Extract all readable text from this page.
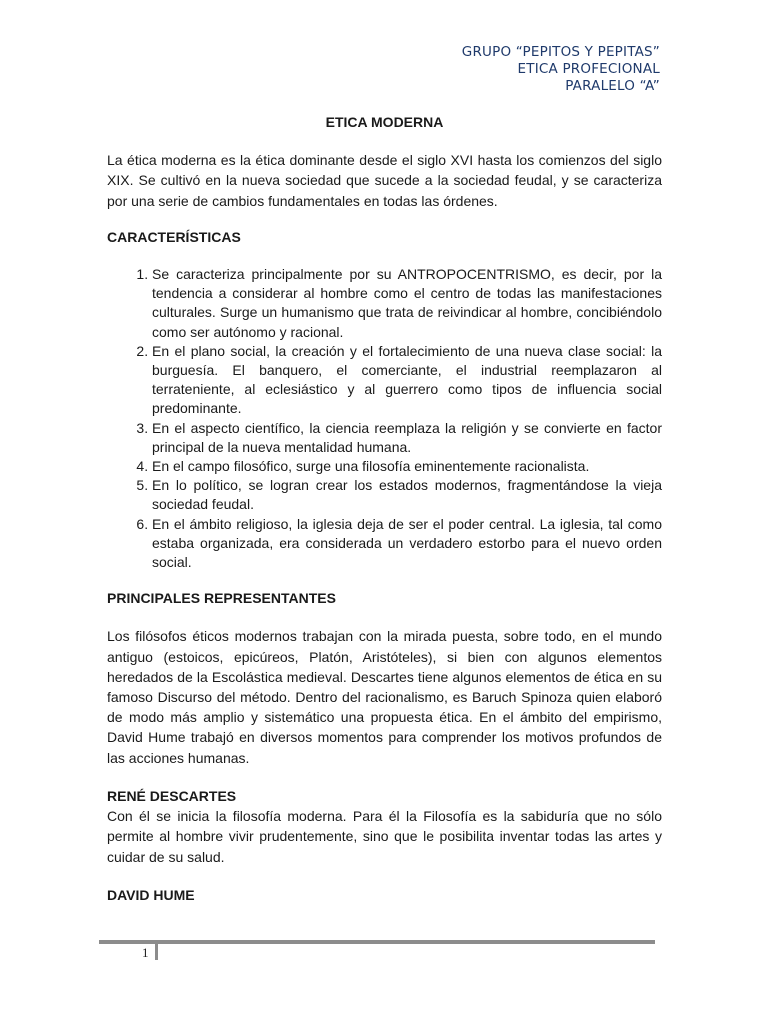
GRUPO “PEPITOS Y PEPITAS”
ETICA PROFECIONAL
PARALELO “A”
ETICA MODERNA

La ética moderna es la ética dominante desde el siglo XVI hasta los comienzos del siglo XIX. Se cultivó en la nueva sociedad que sucede a la sociedad feudal, y se caracteriza por una serie de cambios fundamentales en todas las órdenes.

CARACTERÍSTICAS
1. Se caracteriza principalmente por su ANTROPOCENTRISMO, es decir, por la tendencia a considerar al hombre como el centro de todas las manifestaciones culturales. Surge un humanismo que trata de reivindicar al hombre, concibiéndolo como ser autónomo y racional.
2. En el plano social, la creación y el fortalecimiento de una nueva clase social: la burguesía. El banquero, el comerciante, el industrial reemplazaron al terrateniente, al eclesiástico y al guerrero como tipos de influencia social predominante.
3. En el aspecto científico, la ciencia reemplaza la religión y se convierte en factor principal de la nueva mentalidad humana.
4. En el campo filosófico, surge una filosofía eminentemente racionalista.
5. En lo político, se logran crear los estados modernos, fragmentándose la vieja sociedad feudal.
6. En el ámbito religioso, la iglesia deja de ser el poder central. La iglesia, tal como estaba organizada, era considerada un verdadero estorbo para el nuevo orden social.
PRINCIPALES REPRESENTANTES

Los filósofos éticos modernos trabajan con la mirada puesta, sobre todo, en el mundo antiguo (estoicos, epicúreos, Platón, Aristóteles), si bien con algunos elementos heredados de la Escolástica medieval. Descartes tiene algunos elementos de ética en su famoso Discurso del método. Dentro del racionalismo, es Baruch Spinoza quien elaboró de modo más amplio y sistemático una propuesta ética. En el ámbito del empirismo, David Hume trabajó en diversos momentos para comprender los motivos profundos de las acciones humanas.

RENÉ DESCARTES

Con él se inicia la filosofía moderna. Para él la Filosofía es la sabiduría que no sólo permite al hombre vivir prudentemente, sino que le posibilita inventar todas las artes y cuidar de su salud.

DAVID HUME
1
